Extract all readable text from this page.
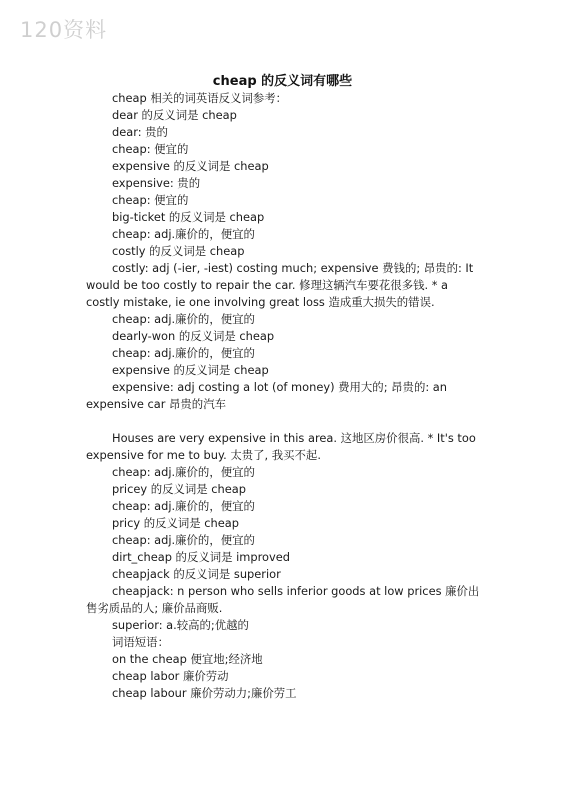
120资料
cheap 的反义词有哪些

cheap 相关的词英语反义词参考：

dear 的反义词是 cheap

dear: 贵的

cheap: 便宜的

expensive 的反义词是 cheap

expensive: 贵的

cheap: 便宜的

big-ticket 的反义词是 cheap

cheap: adj.廉价的，便宜的

costly 的反义词是 cheap

costly: adj (-ier, -iest) costing much; expensive 费钱的; 昂贵的: It would be too costly to repair the car. 修理这辆汽车要花很多钱. * a costly mistake, ie one involving great loss 造成重大损失的错误.

cheap: adj.廉价的，便宜的

dearly-won 的反义词是 cheap

cheap: adj.廉价的，便宜的

expensive 的反义词是 cheap

expensive: adj costing a lot (of money) 费用大的; 昂贵的: an expensive car 昂贵的汽车

Houses are very expensive in this area. 这地区房价很高. * It's too expensive for me to buy. 太贵了, 我买不起.

cheap: adj.廉价的，便宜的

pricey 的反义词是 cheap

cheap: adj.廉价的，便宜的

pricy 的反义词是 cheap

cheap: adj.廉价的，便宜的

dirt_cheap 的反义词是 improved

cheapjack 的反义词是 superior

cheapjack: n person who sells inferior goods at low prices 廉价出售劣质品的人; 廉价品商贩.

superior: a.较高的;优越的

词语短语：

on the cheap 便宜地;经济地

cheap labor 廉价劳动

cheap labour 廉价劳动力;廉价劳工
